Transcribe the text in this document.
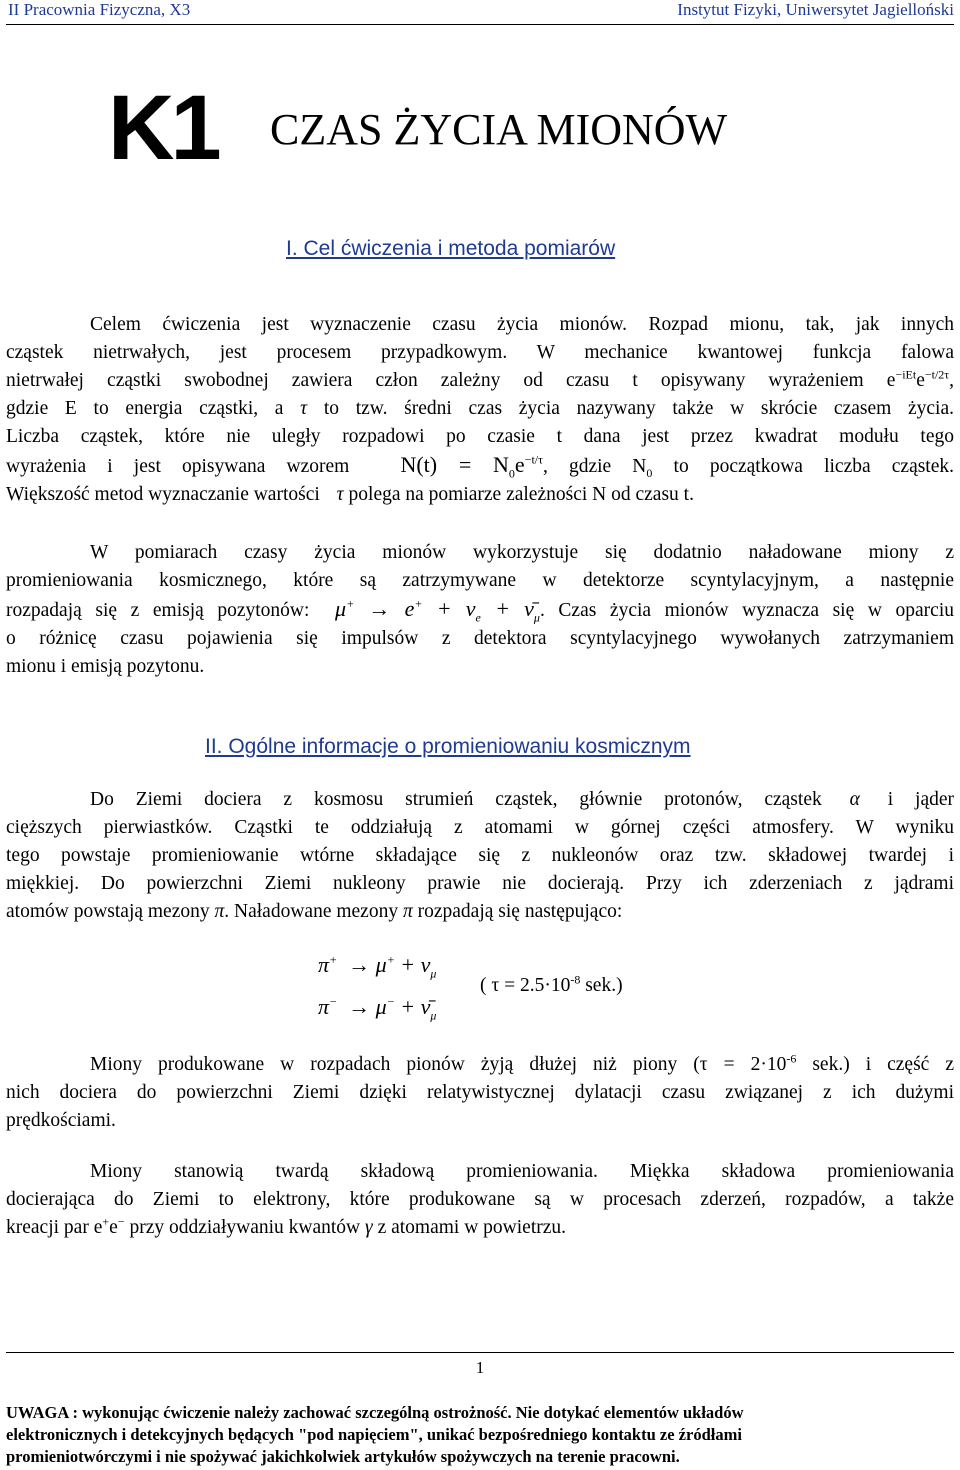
II Pracownia Fizyczna, X3	Instytut Fizyki, Uniwersytet Jagielloński
K1 CZAS ŻYCIA MIONÓW
I. Cel ćwiczenia i metoda pomiarów
Celem ćwiczenia jest wyznaczenie czasu życia mionów. Rozpad mionu, tak, jak innych
cząstek nietrwałych, jest procesem przypadkowym. W mechanice kwantowej funkcja falowa
nietrwałej cząstki swobodnej zawiera człon zależny od czasu t opisywany wyrażeniem $e^{-iEt}e^{-t/2\tau}$,
gdzie E to energia cząstki, a τ to tzw. średni czas życia nazywany także w skrócie czasem życia.
Liczba cząstek, które nie uległy rozpadowi po czasie t dana jest przez kwadrat modułu tego
wyrażenia i jest opisywana wzorem $N(t) = N_0e^{-t/\tau}$, gdzie $N_0$ to początkowa liczba cząstek.
Większość metod wyznaczanie wartości τ polega na pomiarze zależności N od czasu t.
W pomiarach czasy życia mionów wykorzystuje się dodatnio naładowane miony z
promieniowania kosmicznego, które są zatrzymywane w detektorze scyntylacyjnym, a następnie
rozpadają się z emisją pozytonów: $\mu^+ \to e^+ + \nu_e$ + $\nū_\mu$. Czas życia mionów wyznacza się w oparciu
o różnicę czasu pojawienia się impulsów z detektora scyntylacyjnego wywołanych zatrzymaniem
mionu i emisją pozytonu.
II. Ogólne informacje o promieniowaniu kosmicznym
Do Ziemi dociera z kosmosu strumień cząstek, głównie protonów, cząstek α i jąder
cięższych pierwiastków. Cząstki te oddziałują z atomami w górnej części atmosfery. W wyniku
tego powstaje promieniowanie wtórne składające się z nukleonów oraz tzw. składowej twardej i
miękkiej. Do powierzchni Ziemi nukleony prawie nie docierają. Przy ich zderzeniach z jądrami
atomów powstają mezony π. Naładowane mezony π rozpadają się następująco:
$\pi^+ \to \mu^+ + \nu_\mu$
$\pi^- \to \mu^- + \nū_\mu$
( $\tau = 2.5\cdot 10^{-8}$ sek.)
Miony produkowane w rozpadach pionów żyją dłużej niż piony ($\tau = 2\cdot 10^{-6}$ sek.) i część z
nich dociera do powierzchni Ziemi dzięki relatywistycznej dylatacji czasu związanej z ich dużymi
prędkościami.
Miony stanowią twardą składową promieniowania. Miękka składowa promieniowania
docierająca do Ziemi to elektrony, które produkowane są w procesach zderzeń, rozpadów, a także
kreacji par e+e− przy oddziaływaniu kwantów γ z atomami w powietrzu.
1
UWAGA : wykonując ćwiczenie należy zachować szczególną ostrożność. Nie dotykać elementów układów
elektronicznych i detekcyjnych będących "pod napięciem", unikać bezpośredniego kontaktu ze źródłami
promieniotwórczymi i nie spożywać jakichkolwiek artykułów spożywczych na terenie pracowni.
